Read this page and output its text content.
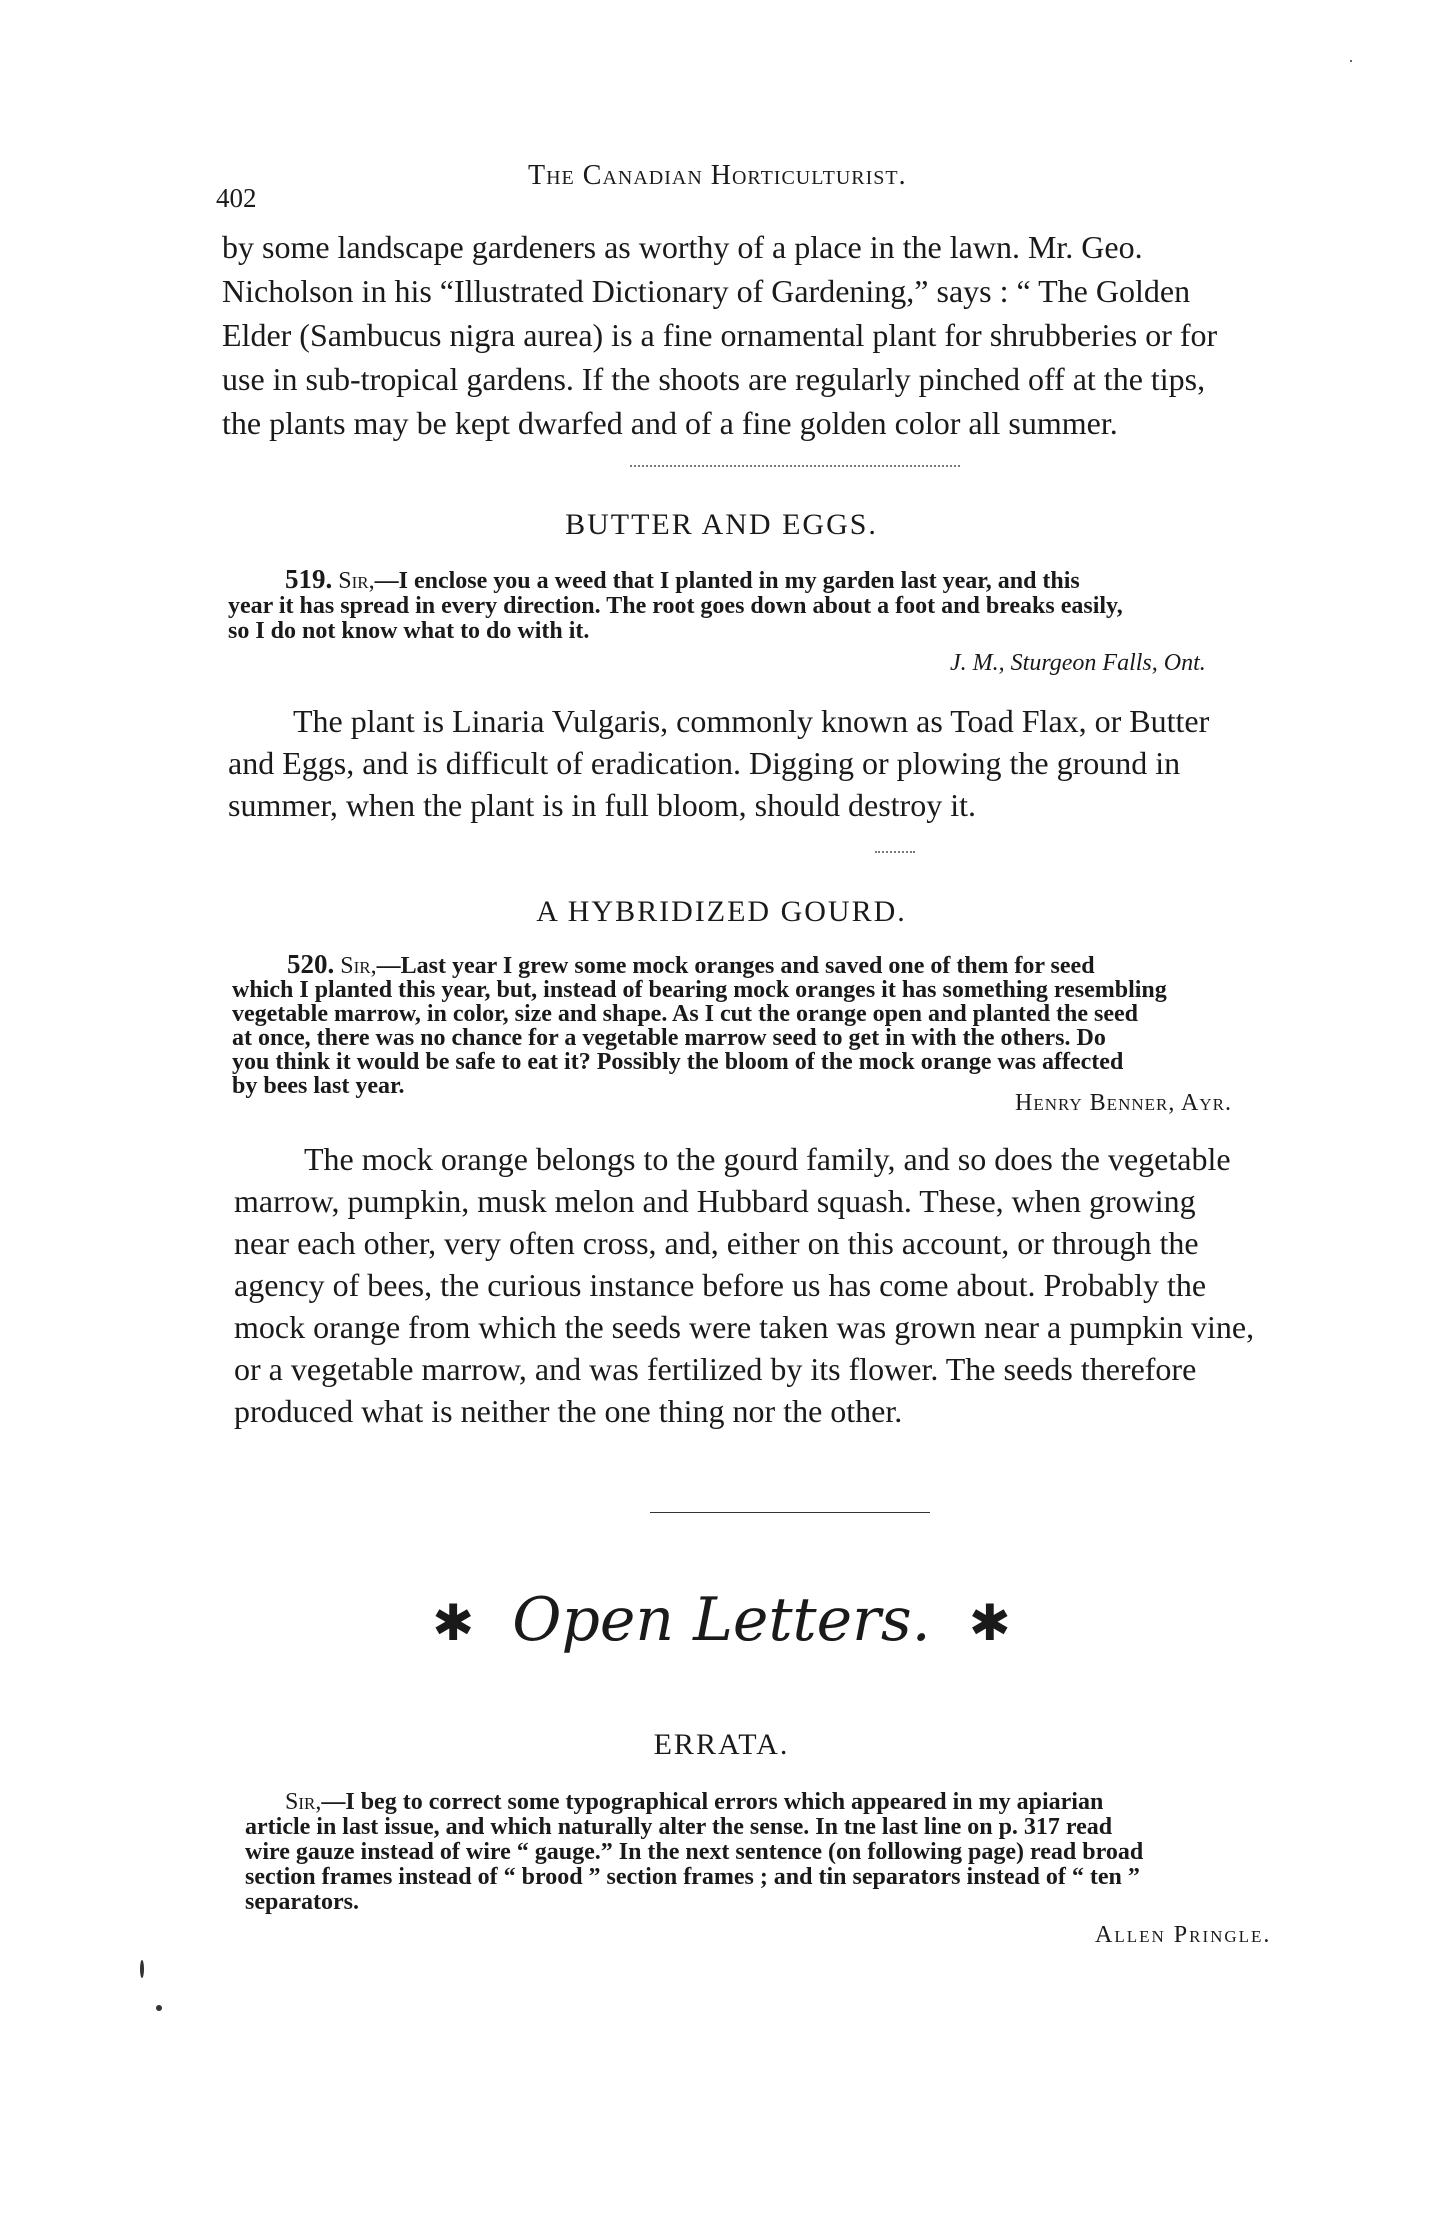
402
The Canadian Horticulturist.
by some landscape gardeners as worthy of a place in the lawn. Mr. Geo.
Nicholson in his “Illustrated Dictionary of Gardening,” says : “ The Golden
Elder (Sambucus nigra aurea) is a fine ornamental plant for shrubberies or for
use in sub-tropical gardens. If the shoots are regularly pinched off at the tips,
the plants may be kept dwarfed and of a fine golden color all summer.
BUTTER AND EGGS.
519. Sir,—I enclose you a weed that I planted in my garden last year, and this
year it has spread in every direction. The root goes down about a foot and breaks easily,
so I do not know what to do with it.
J. M., Sturgeon Falls, Ont.
The plant is Linaria Vulgaris, commonly known as Toad Flax, or Butter
and Eggs, and is difficult of eradication. Digging or plowing the ground in
summer, when the plant is in full bloom, should destroy it.
A HYBRIDIZED GOURD.
520. Sir,—Last year I grew some mock oranges and saved one of them for seed
which I planted this year, but, instead of bearing mock oranges it has something resembling
vegetable marrow, in color, size and shape. As I cut the orange open and planted the seed
at once, there was no chance for a vegetable marrow seed to get in with the others. Do
you think it would be safe to eat it? Possibly the bloom of the mock orange was affected
by bees last year.
Henry Benner, Ayr.
The mock orange belongs to the gourd family, and so does the vegetable
marrow, pumpkin, musk melon and Hubbard squash. These, when growing
near each other, very often cross, and, either on this account, or through the
agency of bees, the curious instance before us has come about. Probably the
mock orange from which the seeds were taken was grown near a pumpkin vine,
or a vegetable marrow, and was fertilized by its flower. The seeds therefore
produced what is neither the one thing nor the other.
✱ Open Letters. ✱
ERRATA.
Sir,—I beg to correct some typographical errors which appeared in my apiarian
article in last issue, and which naturally alter the sense. In tne last line on p. 317 read
wire gauze instead of wire “ gauge.” In the next sentence (on following page) read broad
section frames instead of “ brood ” section frames ; and tin separators instead of “ ten ”
separators.
Allen Pringle.
